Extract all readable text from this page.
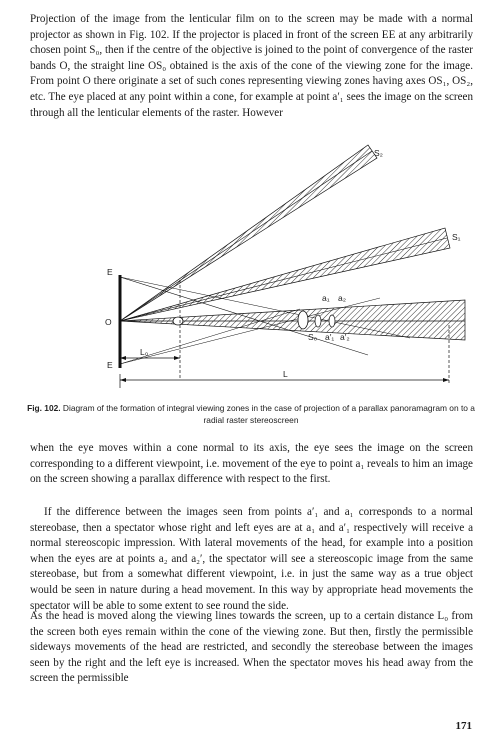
Projection of the image from the lenticular film on to the screen may be made with a normal projector as shown in Fig. 102. If the projector is placed in front of the screen EE at any arbitrarily chosen point S₀, then if the centre of the objective is joined to the point of convergence of the raster bands O, the straight line OS₀ obtained is the axis of the cone of the viewing zone for the image. From point O there originate a set of such cones representing viewing zones having axes OS₁, OS₂, etc. The eye placed at any point within a cone, for example at point a′₁ sees the image on the screen through all the lenticular elements of the raster. However

S₂
S₁
E
E
O
a₁ a₂
S₀ a′₁ a′₂
L₀
L
Fig. 102. Diagram of the formation of integral viewing zones in the case of projection of a parallax panoramagram on to a radial raster stereoscreen

when the eye moves within a cone normal to its axis, the eye sees the image on the screen corresponding to a different viewpoint, i.e. movement of the eye to point a₁ reveals to him an image on the screen showing a parallax difference with respect to the first.

If the difference between the images seen from points a′₁ and a₁ corresponds to a normal stereobase, then a spectator whose right and left eyes are at a₁ and a′₁ respectively will receive a normal stereoscopic impression. With lateral movements of the head, for example into a position when the eyes are at points a₂ and a₂′, the spectator will see a stereoscopic image from the same stereobase, but from a somewhat different viewpoint, i.e. in just the same way as a true object would be seen in nature during a head movement. In this way by appropriate head movements the spectator will be able to some extent to see round the side.

As the head is moved along the viewing lines towards the screen, up to a certain distance L₀ from the screen both eyes remain within the cone of the viewing zone. But then, firstly the permissible sideways movements of the head are restricted, and secondly the stereobase between the images seen by the right and the left eye is increased. When the spectator moves his head away from the screen the permissible

171
